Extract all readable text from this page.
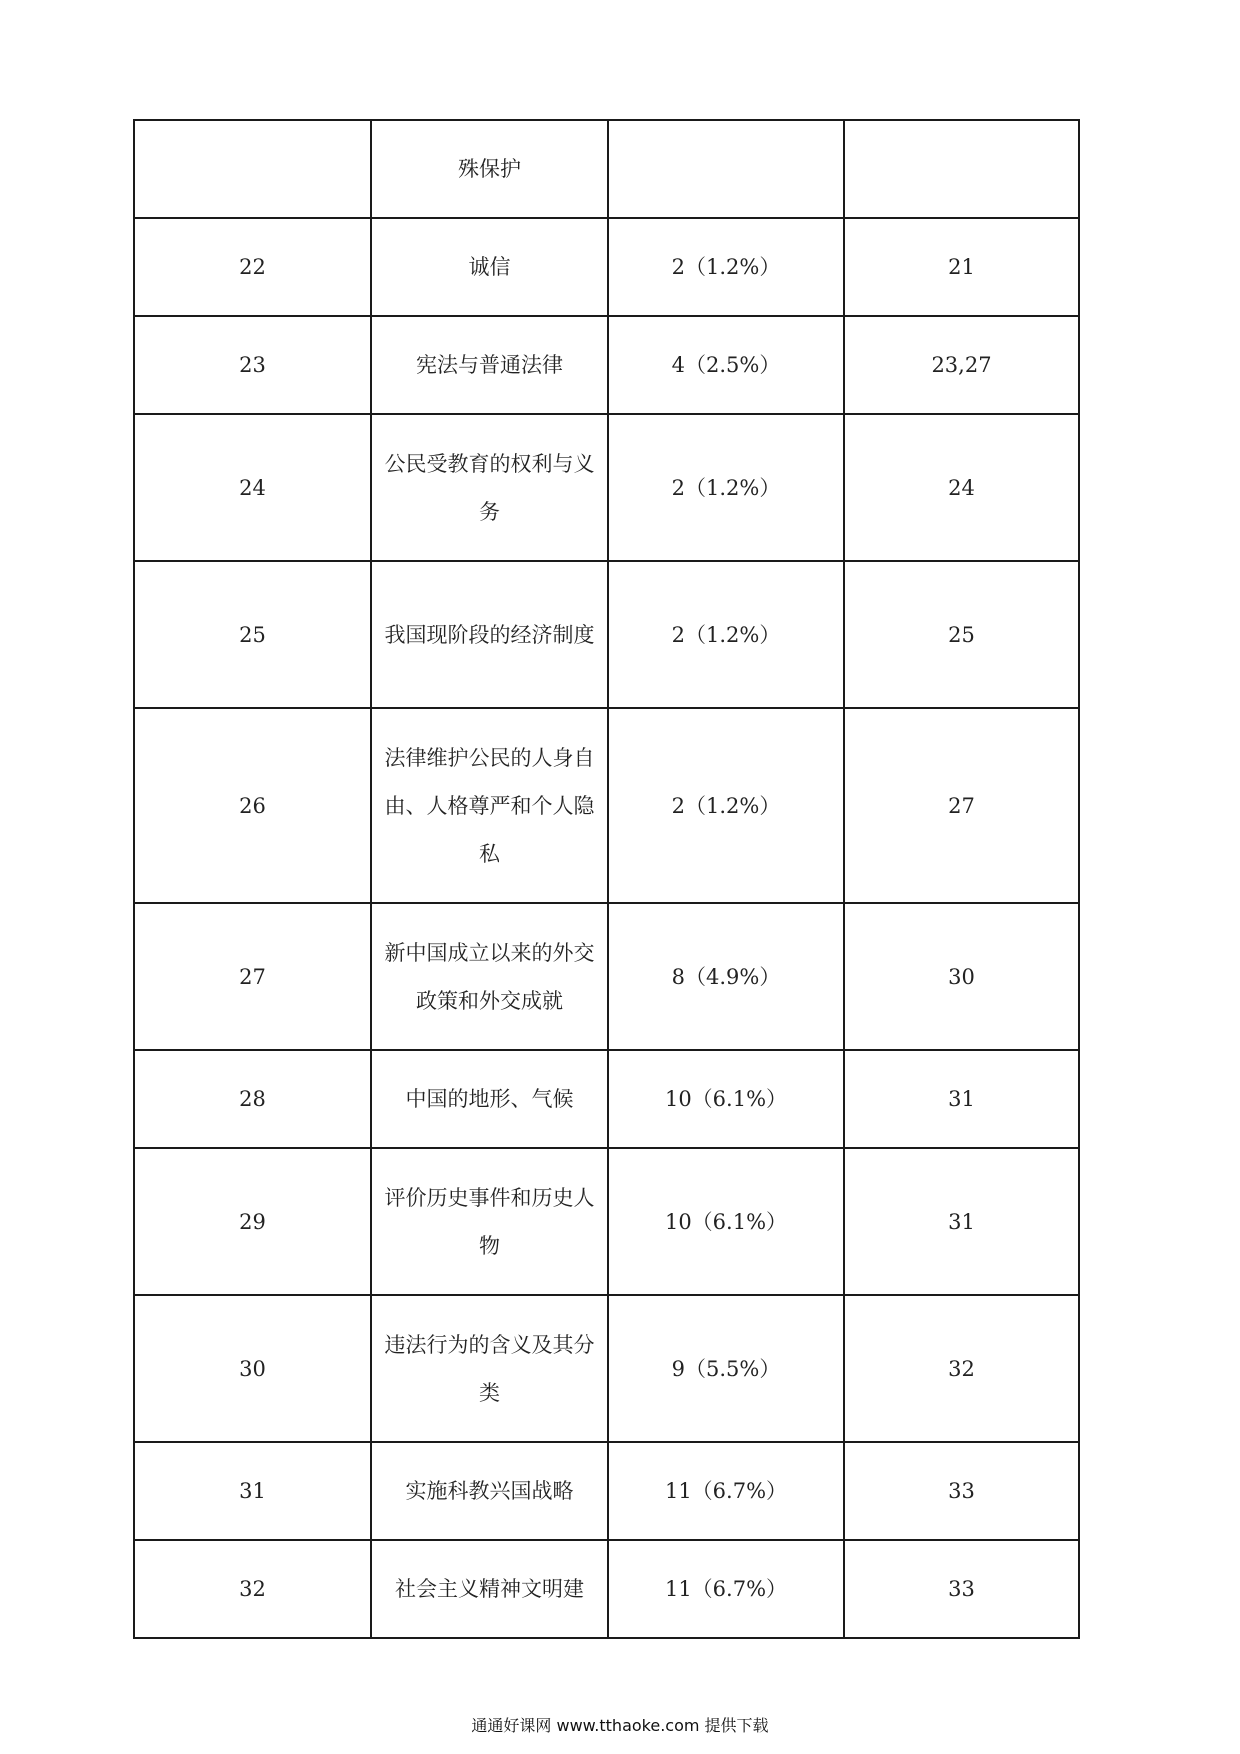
	殊保护		
22	诚信	2（1.2%）	21
23	宪法与普通法律	4（2.5%）	23,27
24	公民受教育的权利与义务	2（1.2%）	24
25	我国现阶段的经济制度	2（1.2%）	25
26	法律维护公民的人身自由、人格尊严和个人隐私	2（1.2%）	27
27	新中国成立以来的外交政策和外交成就	8（4.9%）	30
28	中国的地形、气候	10（6.1%）	31
29	评价历史事件和历史人物	10（6.1%）	31
30	违法行为的含义及其分类	9（5.5%）	32
31	实施科教兴国战略	11（6.7%）	33
32	社会主义精神文明建	11（6.7%）	33
通通好课网 www.tthaoke.com 提供下载
